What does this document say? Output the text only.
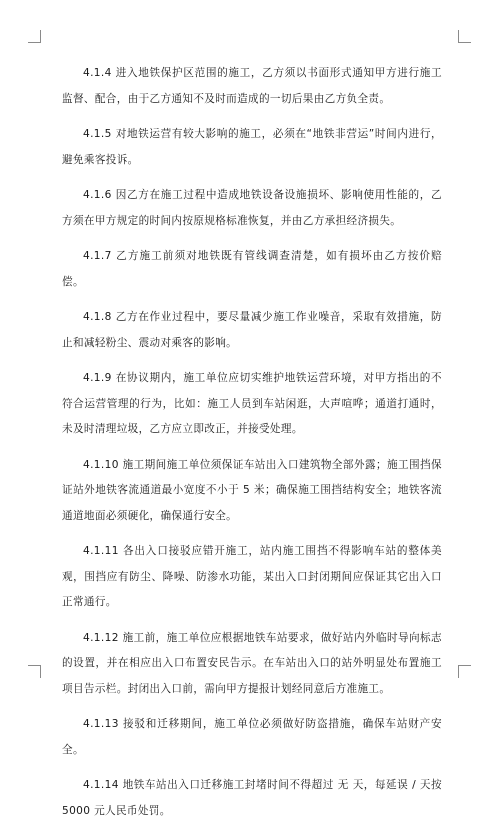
4.1.4 进入地铁保护区范围的施工，乙方须以书面形式通知甲方进行施工监督、配合，由于乙方通知不及时而造成的一切后果由乙方负全责。

4.1.5 对地铁运营有较大影响的施工，必须在“地铁非营运”时间内进行，避免乘客投诉。

4.1.6 因乙方在施工过程中造成地铁设备设施损坏、影响使用性能的，乙方须在甲方规定的时间内按原规格标准恢复，并由乙方承担经济损失。

4.1.7 乙方施工前须对地铁既有管线调查清楚，如有损坏由乙方按价赔偿。

4.1.8 乙方在作业过程中，要尽量减少施工作业噪音，采取有效措施，防止和减轻粉尘、震动对乘客的影响。

4.1.9 在协议期内，施工单位应切实维护地铁运营环境，对甲方指出的不符合运营管理的行为，比如：施工人员到车站闲逛，大声喧哗；通道打通时，未及时清理垃圾，乙方应立即改正，并接受处理。

4.1.10 施工期间施工单位须保证车站出入口建筑物全部外露；施工围挡保证站外地铁客流通道最小宽度不小于 5 米；确保施工围挡结构安全；地铁客流通道地面必须硬化，确保通行安全。

4.1.11 各出入口接驳应错开施工，站内施工围挡不得影响车站的整体美观，围挡应有防尘、降噪、防渗水功能，某出入口封闭期间应保证其它出入口正常通行。

4.1.12 施工前，施工单位应根据地铁车站要求，做好站内外临时导向标志的设置，并在相应出入口布置安民告示。在车站出入口的站外明显处布置施工项目告示栏。封闭出入口前，需向甲方提报计划经同意后方准施工。

4.1.13 接驳和迁移期间，施工单位必须做好防盗措施，确保车站财产安全。

4.1.14 地铁车站出入口迁移施工封堵时间不得超过 无 天，每延误 / 天按 5000 元人民币处罚。
